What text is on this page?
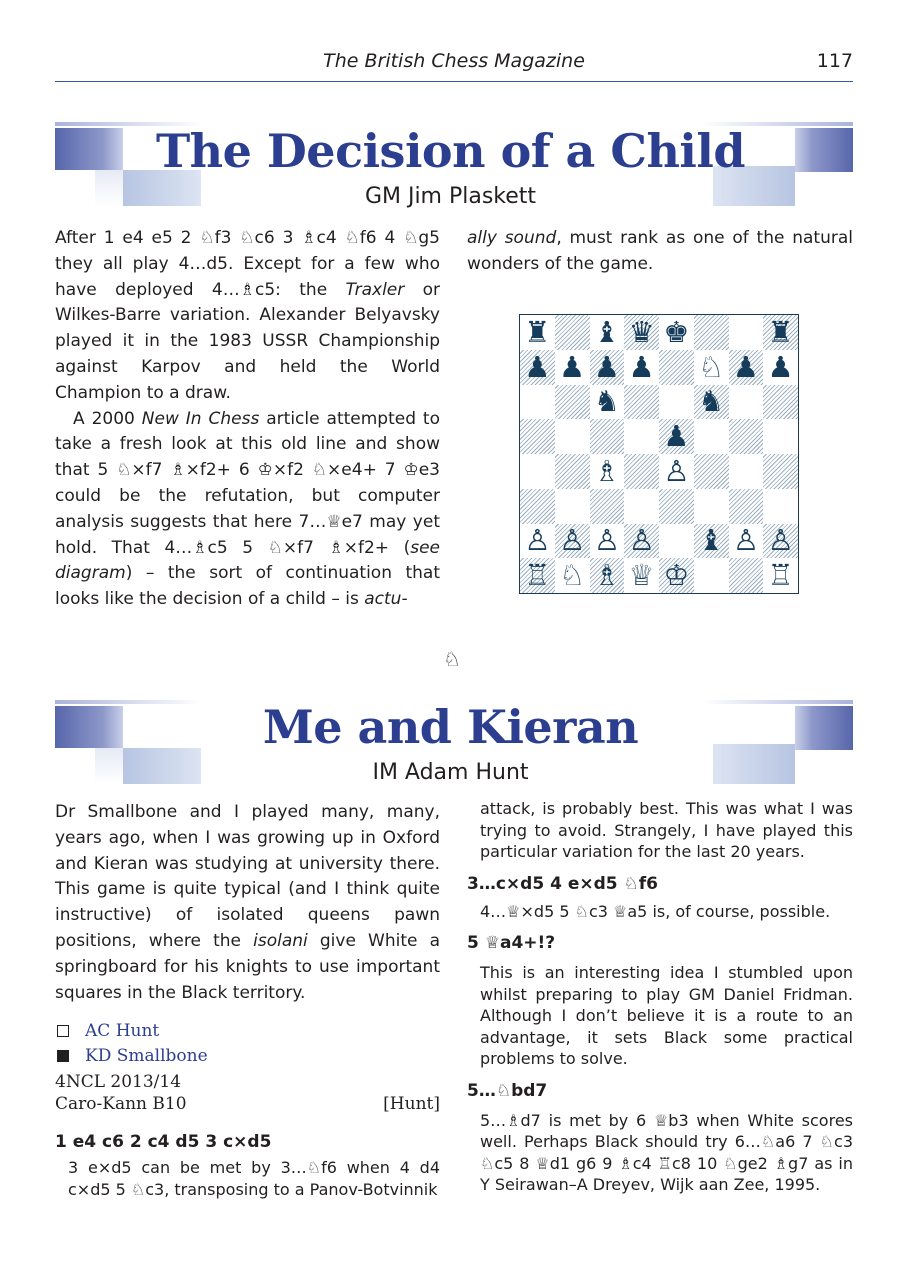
The British Chess Magazine	117
The Decision of a Child
GM Jim Plaskett

After 1 e4 e5 2 ♘f3 ♘c6 3 ♗c4 ♘f6 4 ♘g5 they all play 4…d5. Except for a few who have deployed 4…♗c5: the Traxler or Wilkes-Barre variation. Alexander Belyavsky played it in the 1983 USSR Championship against Karpov and held the World Champion to a draw.

A 2000 New In Chess article attempted to take a fresh look at this old line and show that 5 ♘×f7 ♗×f2+ 6 ♔×f2 ♘×e4+ 7 ♔e3 could be the refutation, but computer analysis suggests that here 7…♕e7 may yet hold. That 4…♗c5 5 ♘×f7 ♗×f2+ (see diagram) – the sort of continuation that looks like the decision of a child – is actu-

ally sound, must rank as one of the natural wonders of the game.

♜ ♝ ♛ ♚	♜
♟ ♟ ♟ ♟ ♘ ♟ ♟
♞	♞
♟
♗ ♙
♙ ♙ ♙ ♙ ♝ ♙ ♙
♖ ♘ ♗ ♕ ♔	♖
♘
Me and Kieran
IM Adam Hunt

Dr Smallbone and I played many, many, years ago, when I was growing up in Oxford and Kieran was studying at university there. This game is quite typical (and I think quite instructive) of isolated queens pawn positions, where the isolani give White a springboard for his knights to use important squares in the Black territory.

AC Hunt
KD Smallbone
4NCL 2013/14
Caro-Kann B10	[Hunt]
1 e4 c6 2 c4 d5 3 c×d5
3 e×d5 can be met by 3…♘f6 when 4 d4 c×d5 5 ♘c3, transposing to a Panov-Botvinnik
attack, is probably best. This was what I was trying to avoid. Strangely, I have played this particular variation for the last 20 years.
3…c×d5 4 e×d5 ♘f6
4…♕×d5 5 ♘c3 ♕a5 is, of course, possible.
5 ♕a4+!?
This is an interesting idea I stumbled upon whilst preparing to play GM Daniel Fridman. Although I don’t believe it is a route to an advantage, it sets Black some practical problems to solve.
5…♘bd7
5…♗d7 is met by 6 ♕b3 when White scores well. Perhaps Black should try 6…♘a6 7 ♘c3 ♘c5 8 ♕d1 g6 9 ♗c4 ♖c8 10 ♘ge2 ♗g7 as in Y Seirawan–A Dreyev, Wijk aan Zee, 1995.
